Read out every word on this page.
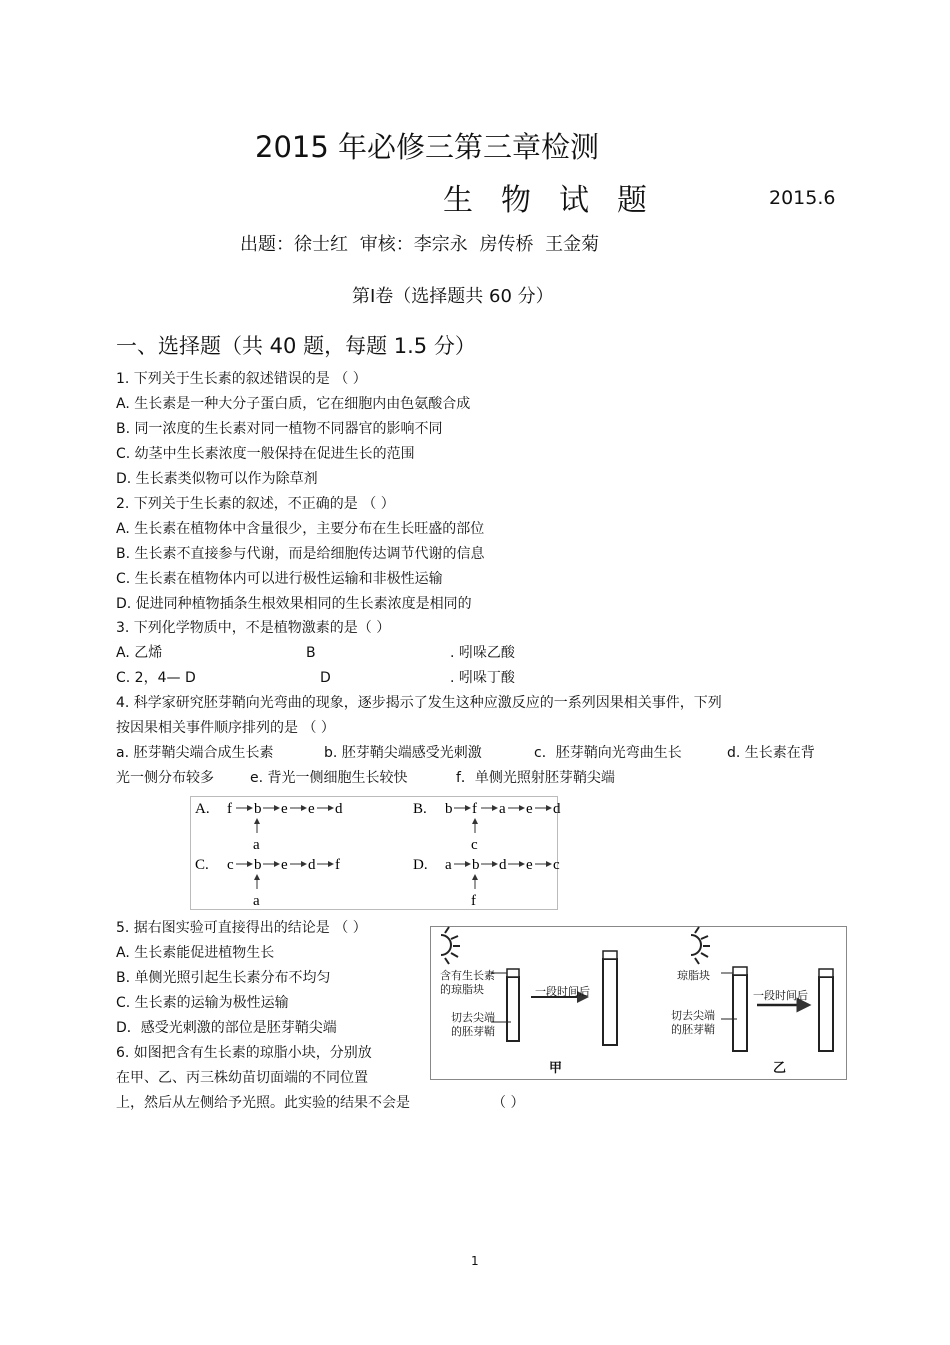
2015 年必修三第三章检测
生物试题	2015.6
出题：徐士红 审核：李宗永 房传桥 王金菊
第Ⅰ卷（选择题共 60 分）
一、选择题（共 40 题，每题 1.5 分）
1. 下列关于生长素的叙述错误的是 （ ）
A. 生长素是一种大分子蛋白质，它在细胞内由色氨酸合成
B. 同一浓度的生长素对同一植物不同器官的影响不同
C. 幼茎中生长素浓度一般保持在促进生长的范围
D. 生长素类似物可以作为除草剂
2. 下列关于生长素的叙述，不正确的是 （ ）
A. 生长素在植物体中含量很少，主要分布在生长旺盛的部位
B. 生长素不直接参与代谢，而是给细胞传达调节代谢的信息
C. 生长素在植物体内可以进行极性运输和非极性运输
D. 促进同种植物插条生根效果相同的生长素浓度是相同的
3. 下列化学物质中，不是植物激素的是（ ）
A. 乙烯	B	. 吲哚乙酸
C. 2，4— D	D	. 吲哚丁酸
4. 科学家研究胚芽鞘向光弯曲的现象，逐步揭示了发生这种应激反应的一系列因果相关事件，下列
按因果相关事件顺序排列的是 （ ）
a. 胚芽鞘尖端合成生长素	b. 胚芽鞘尖端感受光刺激	c．胚芽鞘向光弯曲生长	d. 生长素在背
光一侧分布较多	e. 背光一侧细胞生长较快	f．单侧光照射胚芽鞘尖端
A. f b e e d
a
B. b f a e d
c
C. c b e d f
a
D. a b d e c
f
5. 据右图实验可直接得出的结论是 （ ）
A. 生长素能促进植物生长
B. 单侧光照引起生长素分布不均匀
C. 生长素的运输为极性运输
D．感受光刺激的部位是胚芽鞘尖端
6. 如图把含有生长素的琼脂小块，分别放
在甲、乙、丙三株幼苗切面端的不同位置
上，然后从左侧给予光照。此实验的结果不会是	（ ）
含有生长素
的琼脂块
切去尖端
的胚芽鞘
一段时间后
甲
琼脂块
切去尖端
的胚芽鞘
一段时间后
乙
1
